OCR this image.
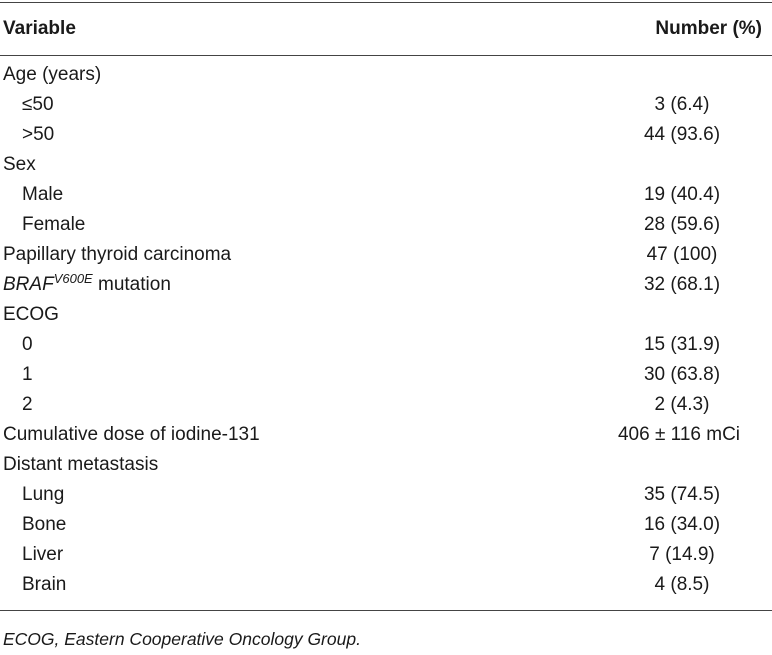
Variable	Number (%)
Age (years)
≤50	3 (6.4)
>50	44 (93.6)
Sex
Male	19 (40.4)
Female	28 (59.6)
Papillary thyroid carcinoma	47 (100)
$BRAF^{V600E}$ mutation	32 (68.1)
ECOG
0	15 (31.9)
1	30 (63.8)
2	2 (4.3)
Cumulative dose of iodine-131	406 ± 116 mCi
Distant metastasis
Lung	35 (74.5)
Bone	16 (34.0)
Liver	7 (14.9)
Brain	4 (8.5)
ECOG, Eastern Cooperative Oncology Group.
